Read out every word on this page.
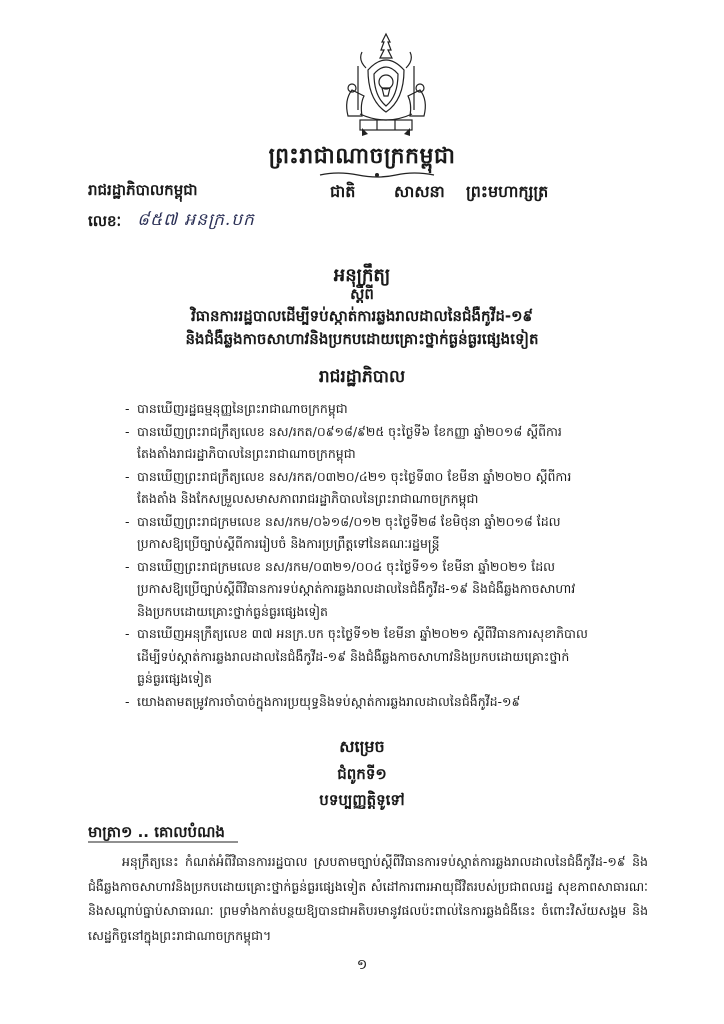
ព្រះរាជាណាចក្រកម្ពុជា
រាជរដ្ឋាភិបាលកម្ពុជា	ជាតិ សាសនា ព្រះមហាក្សត្រ
លេខៈ ៨៥៧ អនក្រ.បក
អនុក្រឹត្យ
ស្តីពី
វិធានការរដ្ឋបាលដើម្បីទប់ស្កាត់ការឆ្លងរាលដាលនៃជំងឺកូវីដ-១៩
និងជំងឺឆ្លងកាចសាហាវនិងប្រកបដោយគ្រោះថ្នាក់ធ្ងន់ធ្ងរផ្សេងទៀត
រាជរដ្ឋាភិបាល
- បានឃើញរដ្ឋធម្មនុញ្ញនៃព្រះរាជាណាចក្រកម្ពុជា
- បានឃើញព្រះរាជក្រឹត្យលេខ នស/រកត/០៩១៨/៩២៥ ចុះថ្ងៃទី៦ ខែកញ្ញា ឆ្នាំ២០១៨ ស្តីពីការ
តែងតាំងរាជរដ្ឋាភិបាលនៃព្រះរាជាណាចក្រកម្ពុជា
- បានឃើញព្រះរាជក្រឹត្យលេខ នស/រកត/០៣២០/៤២១ ចុះថ្ងៃទី៣០ ខែមីនា ឆ្នាំ២០២០ ស្តីពីការ
តែងតាំង និងកែសម្រួលសមាសភាពរាជរដ្ឋាភិបាលនៃព្រះរាជាណាចក្រកម្ពុជា
- បានឃើញព្រះរាជក្រមលេខ នស/រកម/០៦១៨/០១២ ចុះថ្ងៃទី២៨ ខែមិថុនា ឆ្នាំ២០១៨ ដែល
ប្រកាសឱ្យប្រើច្បាប់ស្តីពីការរៀបចំ និងការប្រព្រឹត្តទៅនៃគណៈរដ្ឋមន្ត្រី
- បានឃើញព្រះរាជក្រមលេខ នស/រកម/០៣២១/០០៤ ចុះថ្ងៃទី១១ ខែមីនា ឆ្នាំ២០២១ ដែល
ប្រកាសឱ្យប្រើច្បាប់ស្តីពីវិធានការទប់ស្កាត់ការឆ្លងរាលដាលនៃជំងឺកូវីដ-១៩ និងជំងឺឆ្លងកាចសាហាវ
និងប្រកបដោយគ្រោះថ្នាក់ធ្ងន់ធ្ងរផ្សេងទៀត
- បានឃើញអនុក្រឹត្យលេខ ៣៧ អនក្រ.បក ចុះថ្ងៃទី១២ ខែមីនា ឆ្នាំ២០២១ ស្តីពីវិធានការសុខាភិបាល
ដើម្បីទប់ស្កាត់ការឆ្លងរាលដាលនៃជំងឺកូវីដ-១៩ និងជំងឺឆ្លងកាចសាហាវនិងប្រកបដោយគ្រោះថ្នាក់
ធ្ងន់ធ្ងរផ្សេងទៀត
- យោងតាមតម្រូវការចាំបាច់ក្នុងការប្រយុទ្ធនិងទប់ស្កាត់ការឆ្លងរាលដាលនៃជំងឺកូវីដ-១៩
សម្រេច
ជំពូកទី១
បទប្បញ្ញត្តិទូទៅ
មាត្រា១ .. គោលបំណង
អនុក្រឹត្យនេះ កំណត់អំពីវិធានការរដ្ឋបាល ស្របតាមច្បាប់ស្តីពីវិធានការទប់ស្កាត់ការឆ្លងរាលដាលនៃជំងឺកូវីដ-១៩ និងជំងឺឆ្លងកាចសាហាវនិងប្រកបដោយគ្រោះថ្នាក់ធ្ងន់ធ្ងរផ្សេងទៀត សំដៅការពារអាយុជីវិតរបស់ប្រជាពលរដ្ឋ សុខភាពសាធារណៈ និងសណ្តាប់ធ្នាប់សាធារណៈ ព្រមទាំងកាត់បន្ថយឱ្យបានជាអតិបរមានូវផលប៉ះពាល់នៃការឆ្លងជំងឺនេះ ចំពោះវិស័យសង្គម និងសេដ្ឋកិច្ចនៅក្នុងព្រះរាជាណាចក្រកម្ពុជា។
១
